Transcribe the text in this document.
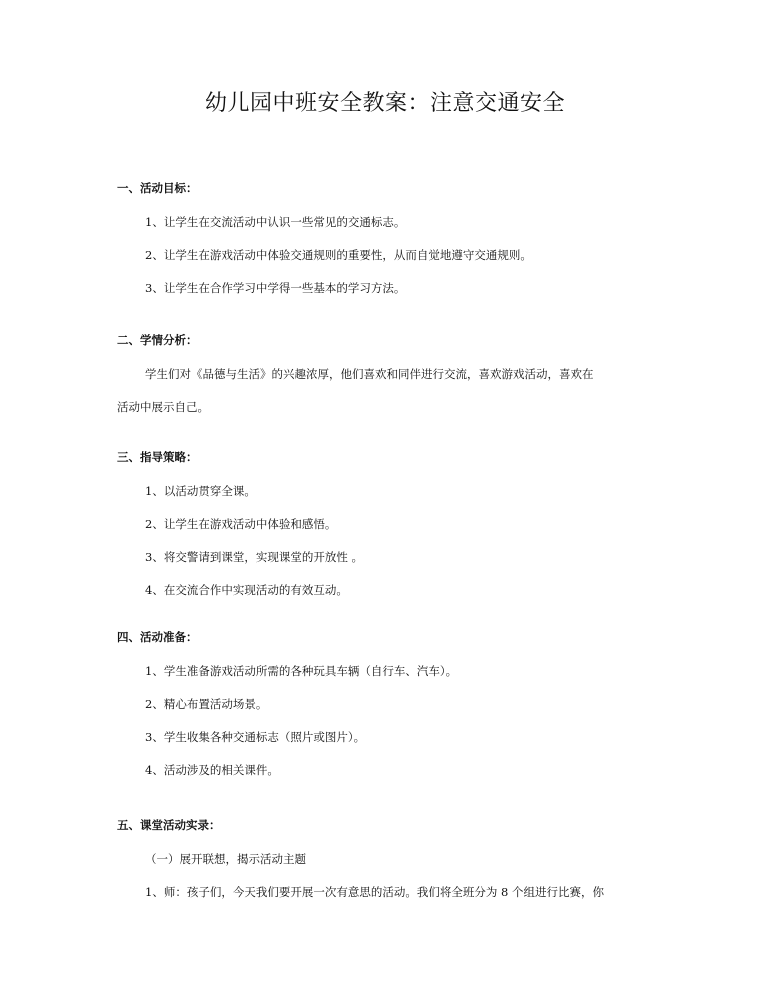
幼儿园中班安全教案：注意交通安全

一、活动目标：

1、让学生在交流活动中认识一些常见的交通标志。

2、让学生在游戏活动中体验交通规则的重要性，从而自觉地遵守交通规则。

3、让学生在合作学习中学得一些基本的学习方法。

二、学情分析：

学生们对《品德与生活》的兴趣浓厚，他们喜欢和同伴进行交流，喜欢游戏活动，喜欢在

活动中展示自己。

三、指导策略：

1、以活动贯穿全课。

2、让学生在游戏活动中体验和感悟。

3、将交警请到课堂，实现课堂的开放性 。

4、在交流合作中实现活动的有效互动。

四、活动准备：

1、学生准备游戏活动所需的各种玩具车辆（自行车、汽车）。

2、精心布置活动场景。

3、学生收集各种交通标志（照片或图片）。

4、活动涉及的相关课件。

五、课堂活动实录：

（一）展开联想，揭示活动主题

1、师：孩子们，今天我们要开展一次有意思的活动。我们将全班分为 8 个组进行比赛，你
